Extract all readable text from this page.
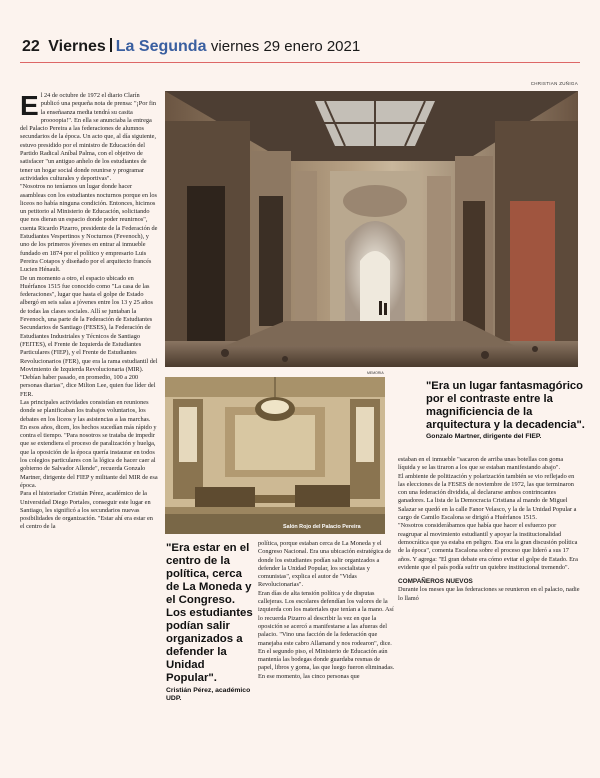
22 Viernes La Segunda viernes 29 enero 2021
CHRISTIAN ZUÑIGA
E l 24 de octubre de 1972 el diario Clarín publicó una pequeña nota de prensa: "¡Por fin la enseñaanza media tendrá su casita proooopia!". En ella se anunciaba la entrega del Palacio Pereira a las federaciones de alumnos secundarios de la época. Un acto que, al día siguiente, estuvo presidido por el ministro de Educación del Partido Radical Aníbal Palma, con el objetivo de satisfacer "un antiguo anhelo de los estudiantes de tener un hogar social donde reunirse y programar actividades culturales y deportivas".

"Nosotros no teníamos un lugar donde hacer asambleas con los estudiantes nocturnos porque en los liceos no había ninguna condición. Entonces, hicimos un petitorio al Ministerio de Educación, solicitando que nos dieran un espacio donde poder reunirnos", cuenta Ricardo Pizarro, presidente de la Federación de Estudiantes Vespertinos y Nocturnos (Fevenoch), y uno de los primeros jóvenes en entrar al inmueble fundado en 1874 por el político y empresario Luis Pereira Cotapos y diseñado por el arquitecto francés Lucien Hénault.

De un momento a otro, el espacio ubicado en Huérfanos 1515 fue conocido como "La casa de las federaciones", lugar que hasta el golpe de Estado albergó en seis salas a jóvenes entre los 13 y 25 años de todas las clases sociales. Allí se juntaban la Fevenoch, una parte de la Federación de Estudiantes Secundarios de Santiago (FESES), la Federación de Estudiantes Industriales y Técnicos de Santiago (FEITES), el Frente de Izquierda de Estudiantes Particulares (FIEP), y el Frente de Estudiantes Revolucionarios (FER), que era la rama estudiantil del Movimiento de Izquierda Revolucionaria (MIR). "Debían haber pasado, en promedio, 100 a 200 personas diarias", dice Milton Lee, quien fue líder del FER.

Las principales actividades consistían en reuniones donde se planificaban los trabajos voluntarios, los debates en los liceos y las asistencias a las marchas. En esos años, dicen, los hechos sucedían más rápido y contra el tiempo. "Para nosotros se trataba de impedir que se extendiera el proceso de paralización y huelga, que la oposición de la época quería instaurar en todos los colegios particulares con la lógica de hacer caer al gobierno de Salvador Allende", recuerda Gonzalo Martner, dirigente del FIEP y militante del MIR de esa época.

Para el historiador Cristián Pérez, académico de la Universidad Diego Portales, conseguir este lugar en Santiago, les significó a los secundarios nuevas posibilidades de organización. "Estar ahí era estar en el centro de la	Salón Rojo del Palacio Pereira
MEMORIA
"Era un lugar fantasmagórico por el contraste entre la magnificiencia de la arquitectura y la decadencia".
Gonzalo Martner, dirigente del FIEP.
"Era estar en el centro de la política, cerca de La Moneda y el Congreso. Los estudiantes podían salir organizados a defender la Unidad Popular".
Cristián Pérez, académico UDP.

política, porque estaban cerca de La Moneda y el Congreso Nacional. Era una ubicación estratégica de donde los estudiantes podían salir organizados a defender la Unidad Popular, los socialistas y comunistas", explica el autor de "Vidas Revolucionarias".

Eran días de alta tensión política y de disputas callejeras. Los escolares defendían los valores de la izquierda con los materiales que tenían a la mano. Así lo recuerda Pizarro al describir la vez en que la oposición se acercó a manifestarse a las afueras del palacio. "Vino una facción de la federación que manejaba este cabro Allamand y nos rodearon", dice. En el segundo piso, el Ministerio de Educación aún mantenía las bodegas donde guardaba resmas de papel, libros y goma, las que luego fueron eliminadas. En ese momento, las cinco personas que

estaban en el inmueble "sacaron de arriba unas botellas con goma líquida y se las tiraron a los que se estaban manifestando abajo".

El ambiente de politización y polarización también se vio reflejado en las elecciones de la FESES de noviembre de 1972, las que terminaron con una federación dividida, al declararse ambos contrincantes ganadores. La lista de la Democracia Cristiana al mando de Miguel Salazar se quedó en la calle Fanor Velasco, y la de la Unidad Popular a cargo de Camilo Escalona se dirigió a Huérfanos 1515.

"Nosotros considerábamos que había que hacer el esfuerzo por reagrupar al movimiento estudiantil y apoyar la institucionalidad democrática que ya estaba en peligro. Esa era la gran discusión política de la época", comenta Escalona sobre el proceso que lideró a sus 17 años. Y agrega: "El gran debate era cómo evitar el golpe de Estado. Era evidente que el país podía sufrir un quiebre institucional tremendo".

COMPAÑEROS NUEVOS

Durante los meses que las federaciones se reunieron en el palacio, nadie lo llamó
